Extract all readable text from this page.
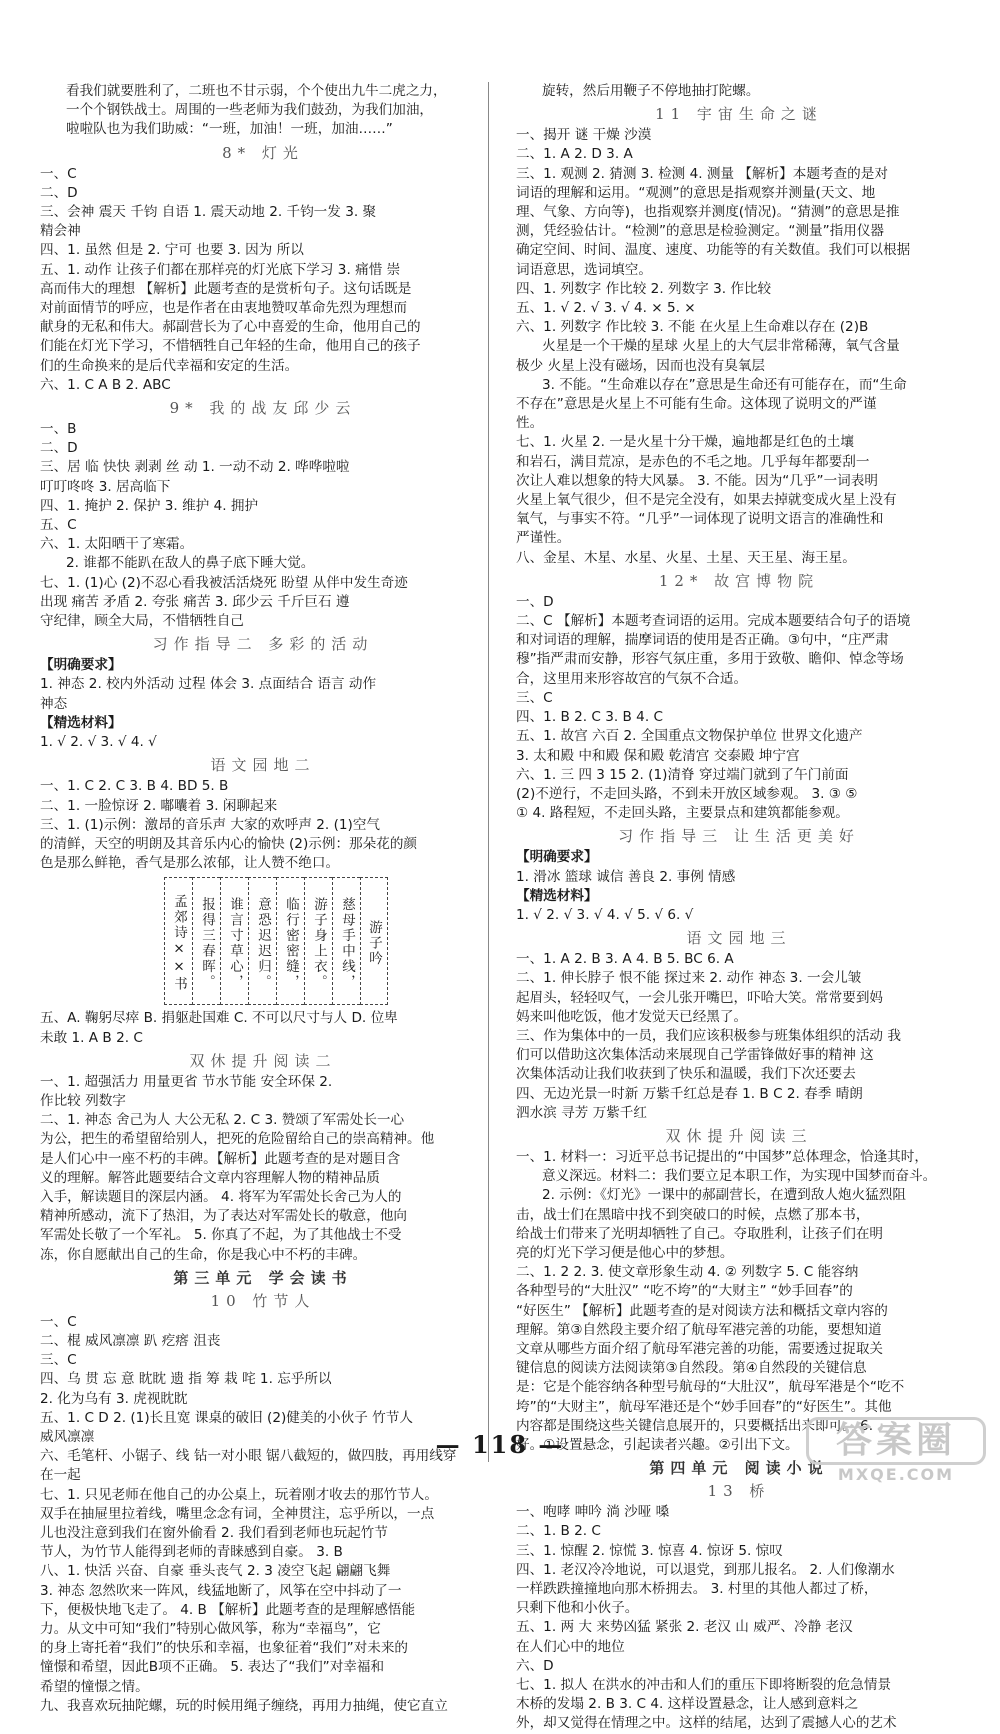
看我们就要胜利了，二班也不甘示弱，个个使出九牛二虎之力，
一个个钢铁战士。周围的一些老师为我们鼓劲，为我们加油，
啦啦队也为我们助威：“一班，加油！一班，加油……”
8* 灯光
一、C
二、D
三、会神 震天 千钧 自语 1. 震天动地 2. 千钧一发 3. 聚
精会神
四、1. 虽然 但是 2. 宁可 也要 3. 因为 所以
五、1. 动作 让孩子们都在那样亮的灯光底下学习 3. 痛惜 崇
高而伟大的理想 【解析】此题考查的是赏析句子。这句话既是
对前面情节的呼应，也是作者在由衷地赞叹革命先烈为理想而
献身的无私和伟大。郝副营长为了心中喜爱的生命，他用自己的
们能在灯光下学习，不惜牺牲自己年轻的生命，他用自己的孩子
们的生命换来的是后代幸福和安定的生活。
六、1. C A B 2. ABC
9* 我的战友邱少云
一、B
二、D
三、居 临 快快 剥剥 丝 动 1. 一动不动 2. 哗哗啦啦
叮叮咚咚 3. 居高临下
四、1. 掩护 2. 保护 3. 维护 4. 拥护
五、C
六、1. 太阳晒干了寒霜。
2. 谁都不能趴在敌人的鼻子底下睡大觉。
七、1. (1)心 (2)不忍心看我被活活烧死 盼望 从伴中发生奇迹
出现 痛苦 矛盾 2. 夸张 痛苦 3. 邱少云 千斤巨石 遵
守纪律，顾全大局，不惜牺牲自己
习作指导二 多彩的活动
【明确要求】
1. 神态 2. 校内外活动 过程 体会 3. 点面结合 语言 动作
神态
【精选材料】
1. √ 2. √ 3. √ 4. √
语文园地二
一、1. C 2. C 3. B 4. BD 5. B
二、1. 一脸惊讶 2. 嘟囔着 3. 闲聊起来
三、1. (1)示例：激昂的音乐声 大家的欢呼声 2. (1)空气
的清鲜，天空的明朗及其音乐内心的愉快 (2)示例：那朵花的颜
色是那么鲜艳，香气是那么浓郁，让人赞不绝口。
孟郊诗××书 报得三春晖。 谁言寸草心， 意恐迟迟归。 临行密密缝， 游子身上衣。 慈母手中线， 游子吟
五、A. 鞠躬尽瘁 B. 捐躯赴国难 C. 不可以尺寸与人 D. 位卑
未敢 1. A B 2. C
双休提升阅读二
一、1. 超强活力 用量更省 节水节能 安全环保 2.
作比较 列数字
二、1. 神态 舍己为人 大公无私 2. C 3. 赞颂了军需处长一心
为公，把生的希望留给别人，把死的危险留给自己的崇高精神。他
是人们心中一座不朽的丰碑。【解析】此题考查的是对题目含
义的理解。解答此题要结合文章内容理解人物的精神品质
入手，解读题目的深层内涵。 4. 将军为军需处长舍己为人的
精神所感动，流下了热泪，为了表达对军需处长的敬意，他向
军需处长敬了一个军礼。 5. 你真了不起，为了其他战士不受
冻，你自愿献出自己的生命，你是我心中不朽的丰碑。
第三单元 学会读书
10 竹节人
一、C
二、棍 威风凛凛 趴 疙瘩 沮丧
三、C
四、乌 贯 忘 意 眈眈 遗 指 筹 栽 咤 1. 忘乎所以
2. 化为乌有 3. 虎视眈眈
五、1. C D 2. (1)长且宽 课桌的破旧 (2)健美的小伙子 竹节人
威风凛凛
六、毛笔杆、小锯子、线 钻一对小眼 锯八截短的，做四肢，再用线穿
在一起
七、1. 只见老师在他自己的办公桌上，玩着刚才收去的那竹节人。
双手在抽屉里拉着线，嘴里念念有词，全神贯注，忘乎所以，一点
儿也没注意到我们在窗外偷看 2. 我们看到老师也玩起竹节
节人，为竹节人能得到老师的青睐感到自豪。 3. B
八、1. 快活 兴奋、自豪 垂头丧气 2. 3 凌空飞起 翩翩飞舞
3. 神态 忽然吹来一阵风，线猛地断了，风筝在空中抖动了一
下，便极快地飞走了。 4. B 【解析】此题考查的是理解感悟能
力。从文中可知“我们”特别心做风筝，称为“幸福鸟”，它
的身上寄托着“我们”的快乐和幸福，也象征着“我们”对未来的
憧憬和希望，因此B项不正确。 5. 表达了“我们”对幸福和
希望的憧憬之情。
九、我喜欢玩抽陀螺，玩的时候用绳子缠绕，再用力抽绳，使它直立
旋转，然后用鞭子不停地抽打陀螺。
11 宇宙生命之谜
一、揭开 谜 干燥 沙漠
二、1. A 2. D 3. A
三、1. 观测 2. 猜测 3. 检测 4. 测量 【解析】本题考查的是对
词语的理解和运用。“观测”的意思是指观察并测量(天文、地
理、气象、方向等)，也指观察并测度(情况)。“猜测”的意思是推
测，凭经验估计。“检测”的意思是检验测定。“测量”指用仪器
确定空间、时间、温度、速度、功能等的有关数值。我们可以根据
词语意思，选词填空。
四、1. 列数字 作比较 2. 列数字 3. 作比较
五、1. √ 2. √ 3. √ 4. × 5. ×
六、1. 列数字 作比较 3. 不能 在火星上生命难以存在 (2)B
火星是一个干燥的星球 火星上的大气层非常稀薄，氧气含量
极少 火星上没有磁场，因而也没有臭氧层
3. 不能。“生命难以存在”意思是生命还有可能存在，而“生命
不存在”意思是火星上不可能有生命。这体现了说明文的严谨
性。
七、1. 火星 2. 一是火星十分干燥，遍地都是红色的土壤
和岩石，满目荒凉，是赤色的不毛之地。几乎每年都要刮一
次让人难以想象的特大风暴。 3. 不能。因为“几乎”一词表明
火星上氧气很少，但不是完全没有，如果去掉就变成火星上没有
氧气，与事实不符。“几乎”一词体现了说明文语言的准确性和
严谨性。
八、金星、木星、水星、火星、土星、天王星、海王星。
12* 故宫博物院
一、D
二、C 【解析】本题考查词语的运用。完成本题要结合句子的语境
和对词语的理解，揣摩词语的使用是否正确。③句中，“庄严肃
穆”指严肃而安静，形容气氛庄重，多用于致敬、瞻仰、悼念等场
合，这里用来形容故宫的气氛不合适。
三、C
四、1. B 2. C 3. B 4. C
五、1. 故宫 六百 2. 全国重点文物保护单位 世界文化遗产
3. 太和殿 中和殿 保和殿 乾清宫 交泰殿 坤宁宫
六、1. 三 四 3 15 2. (1)清脊 穿过端门就到了午门前面
(2)不逆行，不走回头路，不到未开放区域参观。 3. ③ ⑤
① 4. 路程短，不走回头路，主要景点和建筑都能参观。
习作指导三 让生活更美好
【明确要求】
1. 滑冰 篮球 诚信 善良 2. 事例 情感
【精选材料】
1. √ 2. √ 3. √ 4. √ 5. √ 6. √
语文园地三
一、1. A 2. B 3. A 4. B 5. BC 6. A
二、1. 伸长脖子 恨不能 探过来 2. 动作 神态 3. 一会儿皱
起眉头，轻轻叹气，一会儿张开嘴巴，吓哈大笑。常常要到妈
妈来叫他吃饭，他才发觉天已经黑了。
三、作为集体中的一员，我们应该积极参与班集体组织的活动 我
们可以借助这次集体活动来展现自己学雷锋做好事的精神 这
次集体活动让我们收获到了快乐和温暖，我们下次还要去
四、无边光景一时新 万紫千红总是春 1. B C 2. 春季 晴朗
泗水滨 寻芳 万紫千红
双休提升阅读三
一、1. 材料一：习近平总书记提出的“中国梦”总体理念，恰逢其时，
意义深远。材料二：我们要立足本职工作，为实现中国梦而奋斗。
2. 示例：《灯光》一课中的郝副营长，在遭到敌人炮火猛烈阻
击，战士们在黑暗中找不到突破口的时候，点燃了那本书，
给战士们带来了光明却牺牲了自己。夺取胜利，让孩子们在明
亮的灯光下学习便是他心中的梦想。
二、1. 2 2. 3. 使文章形象生动 4. ② 列数字 5. C 能容纳
各种型号的“大肚汉” “吃不垮”的“大财主” “妙手回春”的
“好医生” 【解析】此题考查的是对阅读方法和概括文章内容的
理解。第③自然段主要介绍了航母军港完善的功能，要想知道
文章从哪些方面介绍了航母军港完善的功能，需要透过捉取关
键信息的阅读方法阅读第③自然段。第④自然段的关键信息
是：它是个能容纳各种型号航母的“大肚汉”，航母军港是个“吃不
垮”的“大财主”，航母军港还是个“妙手回春”的“好医生”。其他
内容都是围绕这些关键信息展开的，只要概括出来即可。 6.
好。①设置悬念，引起读者兴趣。②引出下文。
第四单元 阅读小说
13 桥
一、咆哮 呻吟 淌 沙哑 嗓
二、1. B 2. C
三、1. 惊醒 2. 惊慌 3. 惊喜 4. 惊讶 5. 惊叹
四、1. 老汉冷冷地说，可以退党，到那儿报名。 2. 人们像潮水
一样跌跌撞撞地向那木桥拥去。 3. 村里的其他人都过了桥，
只剩下他和小伙子。
五、1. 两 大 来势凶猛 紧张 2. 老汉 山 威严、冷静 老汉
在人们心中的地位
六、D
七、1. 拟人 在洪水的冲击和人们的重压下即将断裂的危急情景
木桥的发塌 2. B 3. C 4. 这样设置悬念，让人感到意料之
外，却又觉得在情理之中。这样的结尾，达到了震撼人心的艺术
— 118 —	答案圈
MXQE.COM
